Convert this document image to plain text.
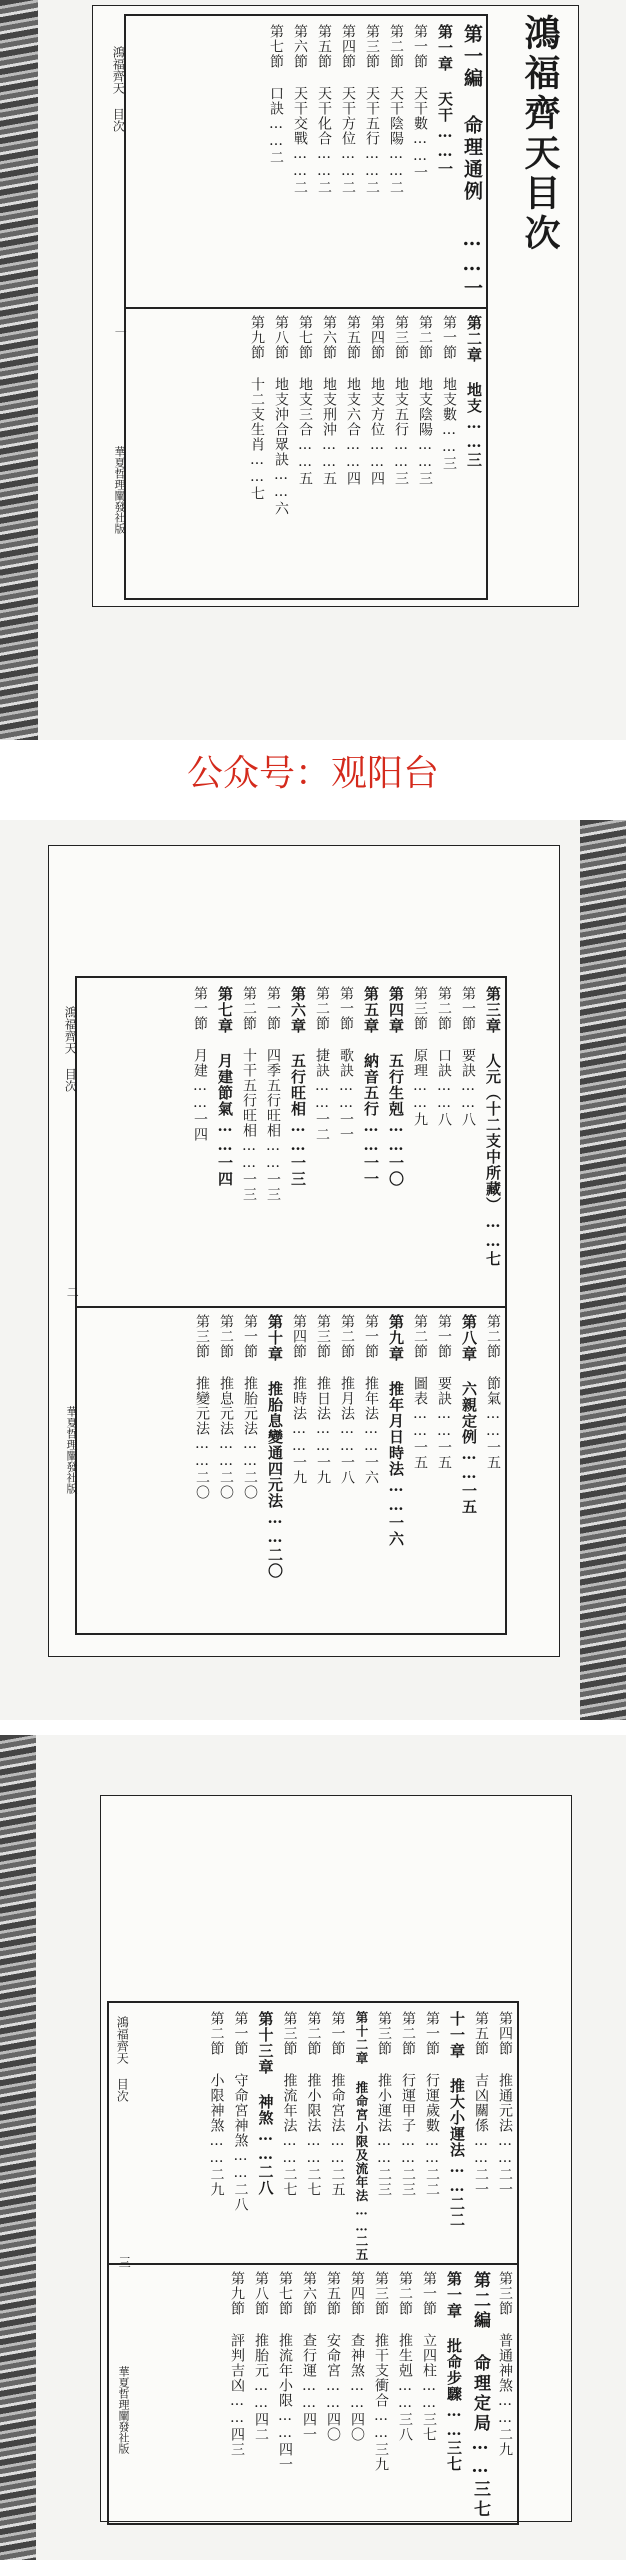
鴻福齊天目次
第一編 命理通例 ……一
第一章 天干……一
第一節 天干數……一
第二節 天干陰陽……二
第三節 天干五行……二
第四節 天干方位……二
第五節 天干化合……二
第六節 天干交戰……二
第七節 口訣……二
第二章 地支……三
第一節 地支數……三
第二節 地支陰陽……三
第三節 地支五行……三
第四節 地支方位……四
第五節 地支六合……四
第六節 地支刑沖……五
第七節 地支三合……五
第八節 地支沖合眾訣……六
第九節 十二支生肖……七
鴻福齊天 目次
一
華夏哲理闡發社版
公众号：观阳台
第三章 人元（十二支中所藏）……七
第一節 要訣……八
第二節 口訣……八
第三節 原理……九
第四章 五行生剋……一〇
第五章 納音五行……一一
第一節 歌訣……一一
第二節 捷訣……一二
第六章 五行旺相……一三
第一節 四季五行旺相……一三
第二節 十干五行旺相……一三
第七章 月建節氣……一四
第一節 月建……一四
第二節 節氣……一五
第八章 六親定例……一五
第一節 要訣……一五
第二節 圖表……一五
第九章 推年月日時法……一六
第一節 推年法……一六
第二節 推月法……一八
第三節 推日法……一九
第四節 推時法……一九
第十章 推胎息變通四元法……二〇
第一節 推胎元法……二〇
第二節 推息元法……二〇
第三節 推變元法……二〇
鴻福齊天 目次
二
華夏哲理闡發社版
第四節 推通元法……二一
第五節 吉凶關係……二一
十一章 推大小運法……二二
第一節 行運歲數……二二
第二節 行運甲子……二三
第三節 推小運法……二三
第十二章 推命宮小限及流年法……二五
第一節 推命宮法……二五
第二節 推小限法……二七
第三節 推流年法……二七
第十三章 神煞……二八
第一節 守命宮神煞……二八
第二節 小限神煞……二九
第三節 普通神煞……二九
第二編 命理定局……三七
第一章 批命步驟……三七
第一節 立四柱……三七
第二節 推生剋……三八
第三節 推干支衝合……三九
第四節 查神煞……四〇
第五節 安命宮……四〇
第六節 查行運……四一
第七節 推流年小限……四一
第八節 推胎元……四二
第九節 評判吉凶……四三
鴻福齊天 目次
三
華夏哲理闡發社版
